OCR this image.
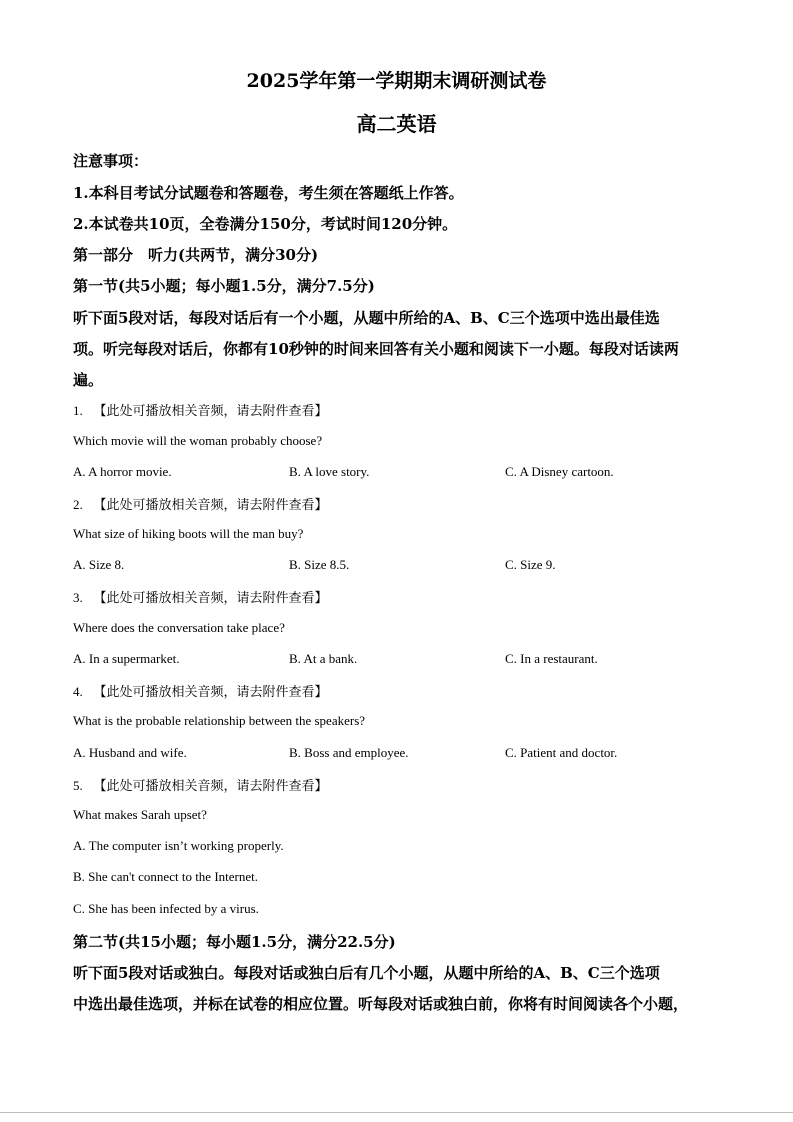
2025学年第一学期期末调研测试卷
高二英语
注意事项：
1.本科目考试分试题卷和答题卷，考生须在答题纸上作答。
2.本试卷共10页，全卷满分150分，考试时间120分钟。
第一部分　听力(共两节，满分30分)
第一节(共5小题；每小题1.5分，满分7.5分)
听下面5段对话，每段对话后有一个小题，从题中所给的A、B、C三个选项中选出最佳选
项。听完每段对话后，你都有10秒钟的时间来回答有关小题和阅读下一小题。每段对话读两
遍。
1. 【此处可播放相关音频，请去附件查看】
Which movie will the woman probably choose?
A. A horror movie.	B. A love story.	C. A Disney cartoon.
2. 【此处可播放相关音频，请去附件查看】
What size of hiking boots will the man buy?
A. Size 8.	B. Size 8.5.	C. Size 9.
3. 【此处可播放相关音频，请去附件查看】
Where does the conversation take place?
A. In a supermarket.	B. At a bank.	C. In a restaurant.
4. 【此处可播放相关音频，请去附件查看】
What is the probable relationship between the speakers?
A. Husband and wife.	B. Boss and employee.	C. Patient and doctor.
5. 【此处可播放相关音频，请去附件查看】
What makes Sarah upset?
A. The computer isn’t working properly.
B. She can't connect to the Internet.
C. She has been infected by a virus.
第二节(共15小题；每小题1.5分，满分22.5分)
听下面5段对话或独白。每段对话或独白后有几个小题，从题中所给的A、B、C三个选项
中选出最佳选项，并标在试卷的相应位置。听每段对话或独白前，你将有时间阅读各个小题，
